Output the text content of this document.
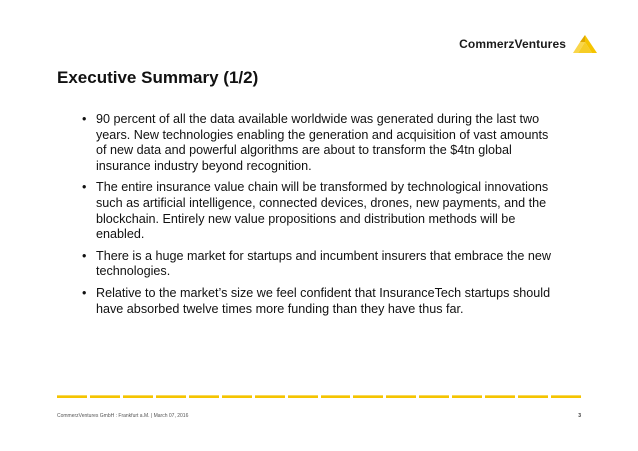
CommerzVentures
Executive Summary (1/2)
• 90 percent of all the data available worldwide was generated during the last two years. New technologies enabling the generation and acquisition of vast amounts of new data and powerful algorithms are about to transform the $4tn global insurance industry beyond recognition.
• The entire insurance value chain will be transformed by technological innovations such as artificial intelligence, connected devices, drones, new payments, and the blockchain. Entirely new value propositions and distribution methods will be enabled.
• There is a huge market for startups and incumbent insurers that embrace the new technologies.
• Relative to the market’s size we feel confident that InsuranceTech startups should have absorbed twelve times more funding than they have thus far.
CommerzVentures GmbH : Frankfurt a.M. | March 07, 2016	3
